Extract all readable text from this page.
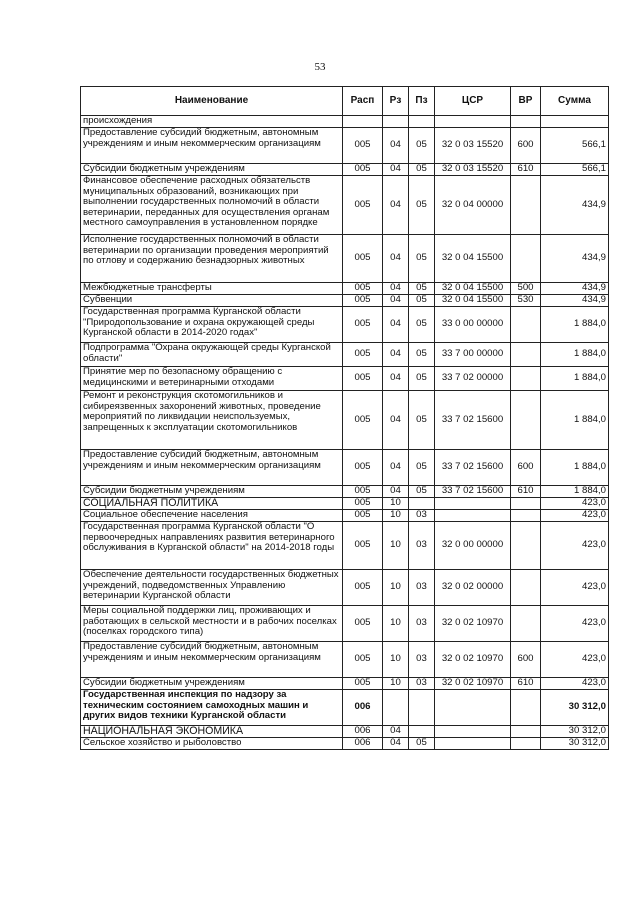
53
Наименование	Расп	Рз	Пз	ЦСР	ВР	Сумма
происхождения						
Предоставление субсидий бюджетным, автономным учреждениям и иным некоммерческим организациям	005	04	05	32 0 03 15520	600	566,1
Субсидии бюджетным учреждениям	005	04	05	32 0 03 15520	610	566,1
Финансовое обеспечение расходных обязательств муниципальных образований, возникающих при выполнении государственных полномочий в области ветеринарии, переданных для осуществления органам местного самоуправления в установленном порядке	005	04	05	32 0 04 00000		434,9
Исполнение государственных полномочий в области ветеринарии по организации проведения мероприятий по отлову и содержанию безнадзорных животных	005	04	05	32 0 04 15500		434,9
Межбюджетные трансферты	005	04	05	32 0 04 15500	500	434,9
Субвенции	005	04	05	32 0 04 15500	530	434,9
Государственная программа Курганской области "Природопользование и охрана окружающей среды Курганской области в 2014-2020 годах"	005	04	05	33 0 00 00000		1 884,0
Подпрограмма "Охрана окружающей среды Курганской области"	005	04	05	33 7 00 00000		1 884,0
Принятие мер по безопасному обращению с медицинскими и ветеринарными отходами	005	04	05	33 7 02 00000		1 884,0
Ремонт и реконструкция скотомогильников и сибиреязвенных захоронений животных, проведение мероприятий по ликвидации неиспользуемых, запрещенных к эксплуатации скотомогильников	005	04	05	33 7 02 15600		1 884,0
Предоставление субсидий бюджетным, автономным учреждениям и иным некоммерческим организациям	005	04	05	33 7 02 15600	600	1 884,0
Субсидии бюджетным учреждениям	005	04	05	33 7 02 15600	610	1 884,0
СОЦИАЛЬНАЯ ПОЛИТИКА	005	10				423,0
Социальное обеспечение населения	005	10	03			423,0
Государственная программа Курганской области "О первоочередных направлениях развития ветеринарного обслуживания в Курганской области" на 2014-2018 годы	005	10	03	32 0 00 00000		423,0
Обеспечение деятельности государственных бюджетных учреждений, подведомственных Управлению ветеринарии Курганской области	005	10	03	32 0 02 00000		423,0
Меры социальной поддержки лиц, проживающих и работающих в сельской местности и в рабочих поселках (поселках городского типа)	005	10	03	32 0 02 10970		423,0
Предоставление субсидий бюджетным, автономным учреждениям и иным некоммерческим организациям	005	10	03	32 0 02 10970	600	423,0
Субсидии бюджетным учреждениям	005	10	03	32 0 02 10970	610	423,0
Государственная инспекция по надзору за техническим состоянием самоходных машин и других видов техники Курганской области	006					30 312,0
НАЦИОНАЛЬНАЯ ЭКОНОМИКА	006	04				30 312,0
Сельское хозяйство и рыболовство	006	04	05			30 312,0
